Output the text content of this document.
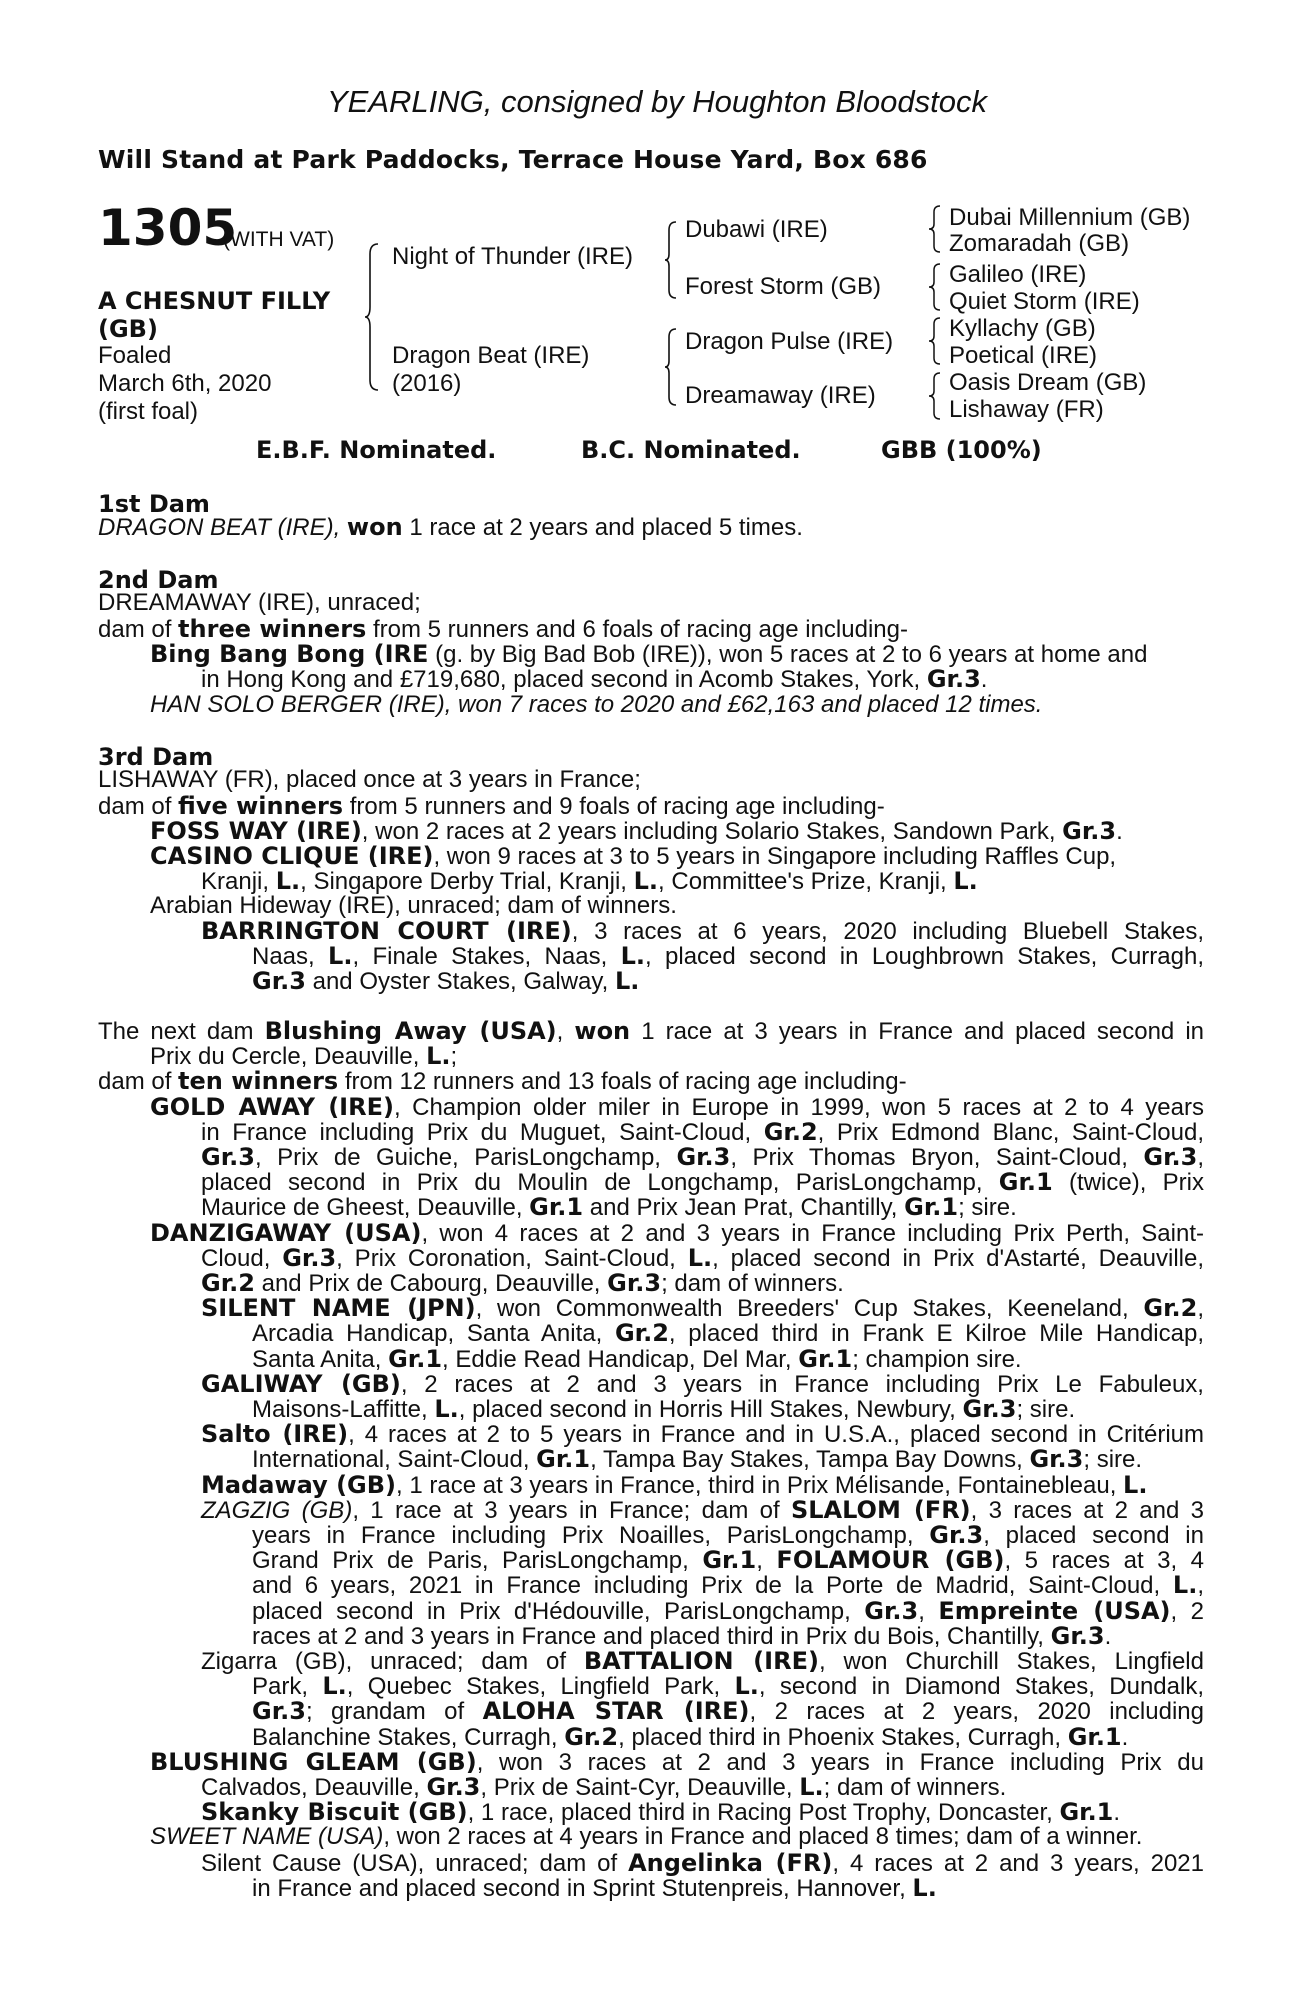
YEARLING, consigned by Houghton Bloodstock
Will Stand at Park Paddocks, Terrace House Yard, Box 686
1305
(WITH VAT)
A CHESNUT FILLY
(GB)
Foaled
March 6th, 2020
(first foal)
Night of Thunder (IRE)
Dragon Beat (IRE)
(2016)
Dubawi (IRE)
Forest Storm (GB)
Dragon Pulse (IRE)
Dreamaway (IRE)
Dubai Millennium (GB)
Zomaradah (GB)
Galileo (IRE)
Quiet Storm (IRE)
Kyllachy (GB)
Poetical (IRE)
Oasis Dream (GB)
Lishaway (FR)
E.B.F. Nominated.	B.C. Nominated.	GBB (100%)
1st Dam
DRAGON BEAT (IRE), won 1 race at 2 years and placed 5 times.
2nd Dam
DREAMAWAY (IRE), unraced;
dam of three winners from 5 runners and 6 foals of racing age including-
Bing Bang Bong (IRE (g. by Big Bad Bob (IRE)), won 5 races at 2 to 6 years at home and
in Hong Kong and £719,680, placed second in Acomb Stakes, York, Gr.3.
HAN SOLO BERGER (IRE), won 7 races to 2020 and £62,163 and placed 12 times.
3rd Dam
LISHAWAY (FR), placed once at 3 years in France;
dam of five winners from 5 runners and 9 foals of racing age including-
FOSS WAY (IRE), won 2 races at 2 years including Solario Stakes, Sandown Park, Gr.3.
CASINO CLIQUE (IRE), won 9 races at 3 to 5 years in Singapore including Raffles Cup,
Kranji, L., Singapore Derby Trial, Kranji, L., Committee's Prize, Kranji, L.
Arabian Hideway (IRE), unraced; dam of winners.
BARRINGTON COURT (IRE), 3 races at 6 years, 2020 including Bluebell Stakes,
Naas, L., Finale Stakes, Naas, L., placed second in Loughbrown Stakes, Curragh,
Gr.3 and Oyster Stakes, Galway, L.
The next dam Blushing Away (USA), won 1 race at 3 years in France and placed second in
Prix du Cercle, Deauville, L.;
dam of ten winners from 12 runners and 13 foals of racing age including-
GOLD AWAY (IRE), Champion older miler in Europe in 1999, won 5 races at 2 to 4 years
in France including Prix du Muguet, Saint-Cloud, Gr.2, Prix Edmond Blanc, Saint-Cloud,
Gr.3, Prix de Guiche, ParisLongchamp, Gr.3, Prix Thomas Bryon, Saint-Cloud, Gr.3,
placed second in Prix du Moulin de Longchamp, ParisLongchamp, Gr.1 (twice), Prix
Maurice de Gheest, Deauville, Gr.1 and Prix Jean Prat, Chantilly, Gr.1; sire.
DANZIGAWAY (USA), won 4 races at 2 and 3 years in France including Prix Perth, Saint-
Cloud, Gr.3, Prix Coronation, Saint-Cloud, L., placed second in Prix d'Astarté, Deauville,
Gr.2 and Prix de Cabourg, Deauville, Gr.3; dam of winners.
SILENT NAME (JPN), won Commonwealth Breeders' Cup Stakes, Keeneland, Gr.2,
Arcadia Handicap, Santa Anita, Gr.2, placed third in Frank E Kilroe Mile Handicap,
Santa Anita, Gr.1, Eddie Read Handicap, Del Mar, Gr.1; champion sire.
GALIWAY (GB), 2 races at 2 and 3 years in France including Prix Le Fabuleux,
Maisons-Laffitte, L., placed second in Horris Hill Stakes, Newbury, Gr.3; sire.
Salto (IRE), 4 races at 2 to 5 years in France and in U.S.A., placed second in Critérium
International, Saint-Cloud, Gr.1, Tampa Bay Stakes, Tampa Bay Downs, Gr.3; sire.
Madaway (GB), 1 race at 3 years in France, third in Prix Mélisande, Fontainebleau, L.
ZAGZIG (GB), 1 race at 3 years in France; dam of SLALOM (FR), 3 races at 2 and 3
years in France including Prix Noailles, ParisLongchamp, Gr.3, placed second in
Grand Prix de Paris, ParisLongchamp, Gr.1, FOLAMOUR (GB), 5 races at 3, 4
and 6 years, 2021 in France including Prix de la Porte de Madrid, Saint-Cloud, L.,
placed second in Prix d'Hédouville, ParisLongchamp, Gr.3, Empreinte (USA), 2
races at 2 and 3 years in France and placed third in Prix du Bois, Chantilly, Gr.3.
Zigarra (GB), unraced; dam of BATTALION (IRE), won Churchill Stakes, Lingfield
Park, L., Quebec Stakes, Lingfield Park, L., second in Diamond Stakes, Dundalk,
Gr.3; grandam of ALOHA STAR (IRE), 2 races at 2 years, 2020 including
Balanchine Stakes, Curragh, Gr.2, placed third in Phoenix Stakes, Curragh, Gr.1.
BLUSHING GLEAM (GB), won 3 races at 2 and 3 years in France including Prix du
Calvados, Deauville, Gr.3, Prix de Saint-Cyr, Deauville, L.; dam of winners.
Skanky Biscuit (GB), 1 race, placed third in Racing Post Trophy, Doncaster, Gr.1.
SWEET NAME (USA), won 2 races at 4 years in France and placed 8 times; dam of a winner.
Silent Cause (USA), unraced; dam of Angelinka (FR), 4 races at 2 and 3 years, 2021
in France and placed second in Sprint Stutenpreis, Hannover, L.
